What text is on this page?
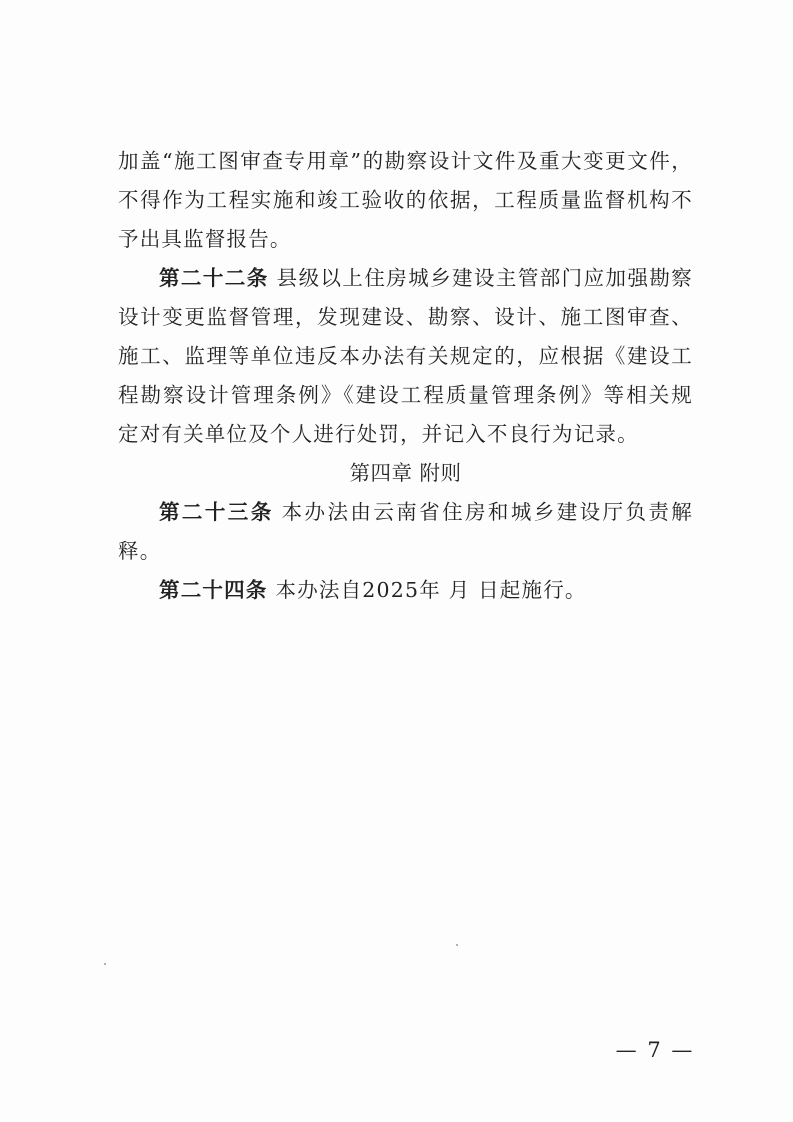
加盖“施工图审查专用章”的勘察设计文件及重大变更文件，不得作为工程实施和竣工验收的依据，工程质量监督机构不予出具监督报告。

第二十二条 县级以上住房城乡建设主管部门应加强勘察设计变更监督管理，发现建设、勘察、设计、施工图审查、施工、监理等单位违反本办法有关规定的，应根据《建设工程勘察设计管理条例》《建设工程质量管理条例》等相关规定对有关单位及个人进行处罚，并记入不良行为记录。

第四章 附则

第二十三条 本办法由云南省住房和城乡建设厅负责解释。

第二十四条 本办法自2025年 月 日起施行。

— 7 —
